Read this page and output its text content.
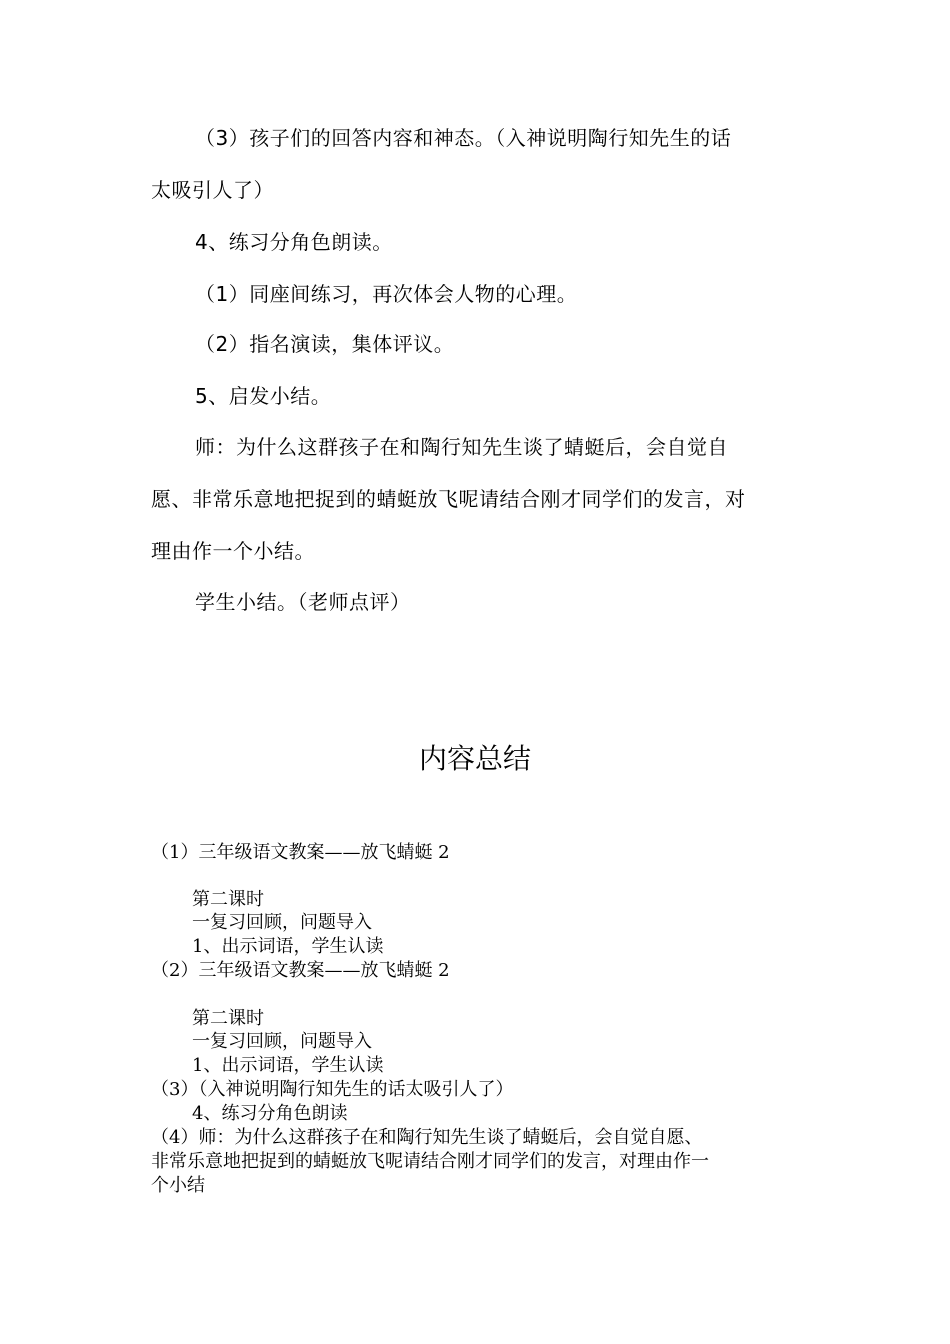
（3）孩子们的回答内容和神态。（入神说明陶行知先生的话
太吸引人了）
4、练习分角色朗读。
（1）同座间练习，再次体会人物的心理。
（2）指名演读，集体评议。
5、启发小结。
师：为什么这群孩子在和陶行知先生谈了蜻蜓后，会自觉自
愿、非常乐意地把捉到的蜻蜓放飞呢请结合刚才同学们的发言，对
理由作一个小结。
学生小结。（老师点评）
内容总结
（1）三年级语文教案——放飞蜻蜓 2
第二课时
一复习回顾，问题导入
1、出示词语，学生认读
（2）三年级语文教案——放飞蜻蜓 2
第二课时
一复习回顾，问题导入
1、出示词语，学生认读
（3）（入神说明陶行知先生的话太吸引人了）
4、练习分角色朗读
（4）师：为什么这群孩子在和陶行知先生谈了蜻蜓后，会自觉自愿、
非常乐意地把捉到的蜻蜓放飞呢请结合刚才同学们的发言，对理由作一
个小结
